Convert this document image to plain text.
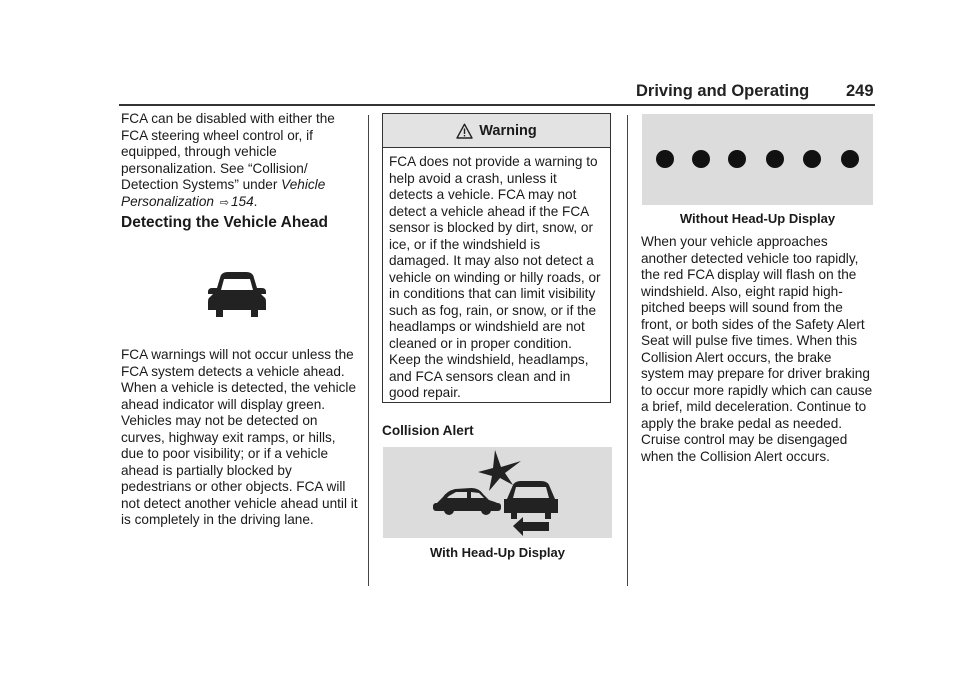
Driving and Operating 249

FCA can be disabled with either the FCA steering wheel control or, if equipped, through vehicle personalization. See “Collision/ Detection Systems” under Vehicle Personalization ⇨ 154.

Detecting the Vehicle Ahead

FCA warnings will not occur unless the FCA system detects a vehicle ahead. When a vehicle is detected, the vehicle ahead indicator will display green. Vehicles may not be detected on curves, highway exit ramps, or hills, due to poor visibility; or if a vehicle ahead is partially blocked by pedestrians or other objects. FCA will not detect another vehicle ahead until it is completely in the driving lane.

Warning
FCA does not provide a warning to help avoid a crash, unless it detects a vehicle. FCA may not detect a vehicle ahead if the FCA sensor is blocked by dirt, snow, or ice, or if the windshield is damaged. It may also not detect a vehicle on winding or hilly roads, or in conditions that can limit visibility such as fog, rain, or snow, or if the headlamps or windshield are not cleaned or in proper condition. Keep the windshield, headlamps, and FCA sensors clean and in good repair.
Collision Alert
With Head-Up Display
Without Head-Up Display

When your vehicle approaches another detected vehicle too rapidly, the red FCA display will flash on the windshield. Also, eight rapid high-pitched beeps will sound from the front, or both sides of the Safety Alert Seat will pulse five times. When this Collision Alert occurs, the brake system may prepare for driver braking to occur more rapidly which can cause a brief, mild deceleration. Continue to apply the brake pedal as needed. Cruise control may be disengaged when the Collision Alert occurs.
